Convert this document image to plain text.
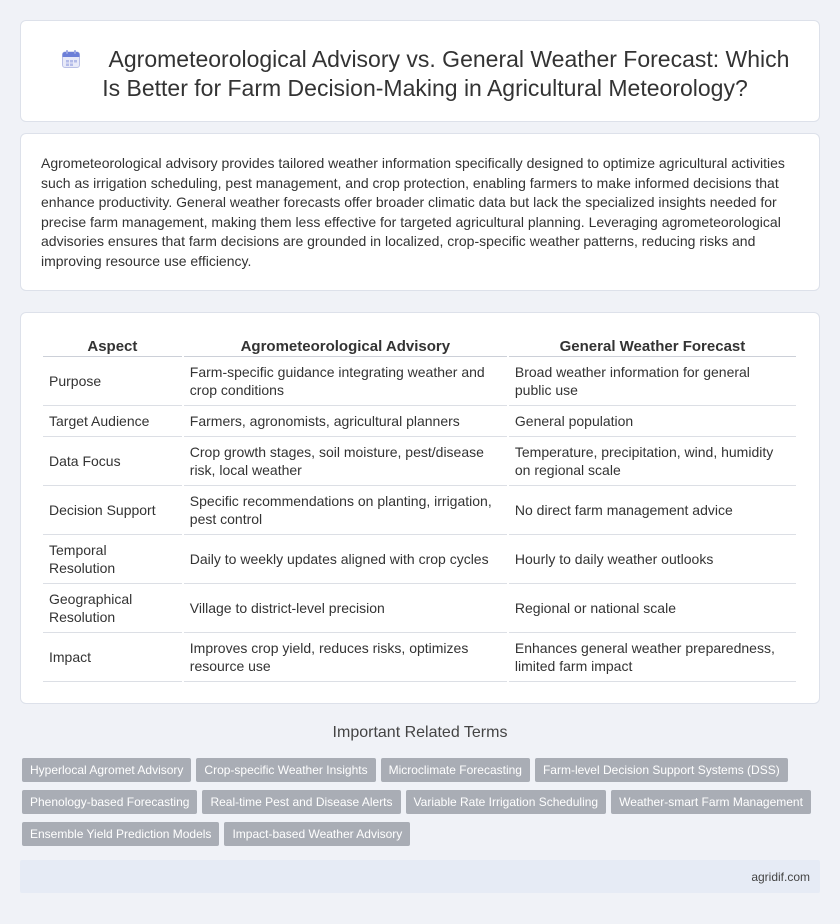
Agrometeorological Advisory vs. General Weather Forecast: Which Is Better for Farm Decision-Making in Agricultural Meteorology?

Agrometeorological advisory provides tailored weather information specifically designed to optimize agricultural activities such as irrigation scheduling, pest management, and crop protection, enabling farmers to make informed decisions that enhance productivity. General weather forecasts offer broader climatic data but lack the specialized insights needed for precise farm management, making them less effective for targeted agricultural planning. Leveraging agrometeorological advisories ensures that farm decisions are grounded in localized, crop-specific weather patterns, reducing risks and improving resource use efficiency.

Aspect	Agrometeorological Advisory	General Weather Forecast
Purpose	Farm-specific guidance integrating weather and crop conditions	Broad weather information for general public use
Target Audience	Farmers, agronomists, agricultural planners	General population
Data Focus	Crop growth stages, soil moisture, pest/disease risk, local weather	Temperature, precipitation, wind, humidity on regional scale
Decision Support	Specific recommendations on planting, irrigation, pest control	No direct farm management advice
Temporal Resolution	Daily to weekly updates aligned with crop cycles	Hourly to daily weather outlooks
Geographical Resolution	Village to district-level precision	Regional or national scale
Impact	Improves crop yield, reduces risks, optimizes resource use	Enhances general weather preparedness, limited farm impact
Important Related Terms
Hyperlocal Agromet Advisory Crop-specific Weather Insights Microclimate Forecasting Farm-level Decision Support Systems (DSS)Phenology-based Forecasting Real-time Pest and Disease Alerts Variable Rate Irrigation Scheduling Weather-smart Farm ManagementEnsemble Yield Prediction Models Impact-based Weather Advisory
agridif.com
